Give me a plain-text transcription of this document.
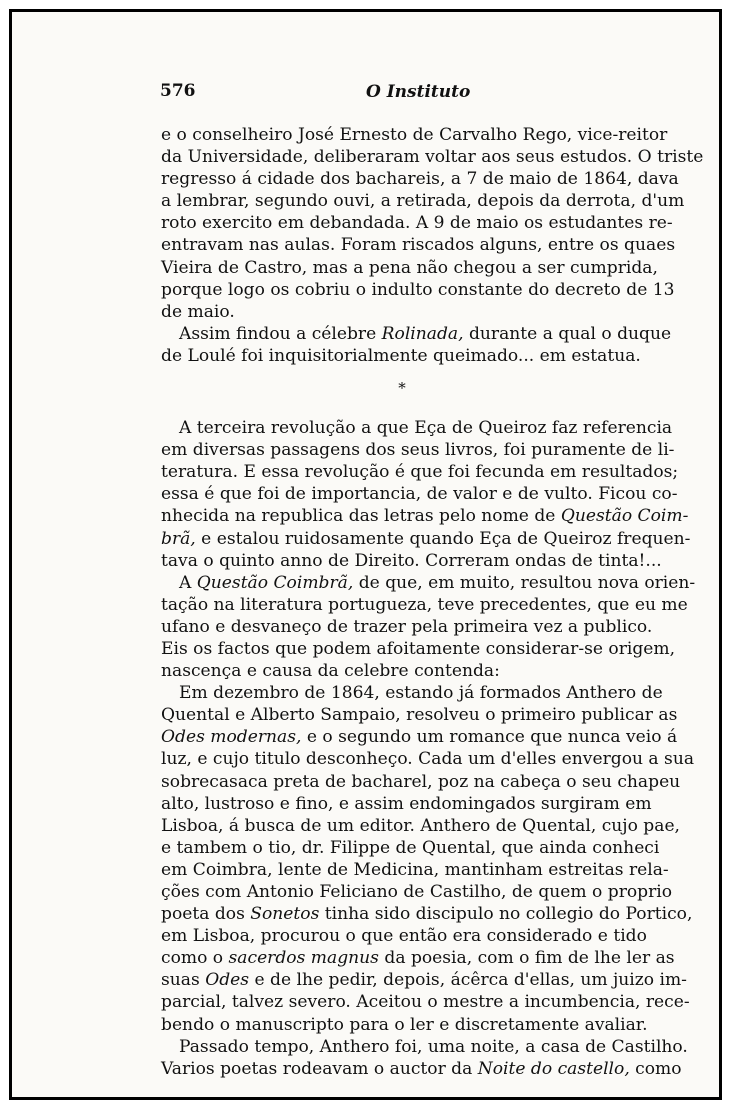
576	O Instituto
e o conselheiro José Ernesto de Carvalho Rego, vice-reitor
da Universidade, deliberaram voltar aos seus estudos. O triste
regresso á cidade dos bachareis, a 7 de maio de 1864, dava
a lembrar, segundo ouvi, a retirada, depois da derrota, d'um
roto exercito em debandada. A 9 de maio os estudantes re-
entravam nas aulas. Foram riscados alguns, entre os quaes
Vieira de Castro, mas a pena não chegou a ser cumprida,
porque logo os cobriu o indulto constante do decreto de 13
de maio.
Assim findou a célebre Rolinada, durante a qual o duque
de Loulé foi inquisitorialmente queimado... em estatua.
*
A terceira revolução a que Eça de Queiroz faz referencia
em diversas passagens dos seus livros, foi puramente de li-
teratura. E essa revolução é que foi fecunda em resultados;
essa é que foi de importancia, de valor e de vulto. Ficou co-
nhecida na republica das letras pelo nome de Questão Coim-
brã, e estalou ruidosamente quando Eça de Queiroz frequen-
tava o quinto anno de Direito. Correram ondas de tinta!...
A Questão Coimbrã, de que, em muito, resultou nova orien-
tação na literatura portugueza, teve precedentes, que eu me
ufano e desvaneço de trazer pela primeira vez a publico.
Eis os factos que podem afoitamente considerar-se origem,
nascença e causa da celebre contenda:
Em dezembro de 1864, estando já formados Anthero de
Quental e Alberto Sampaio, resolveu o primeiro publicar as
Odes modernas, e o segundo um romance que nunca veio á
luz, e cujo titulo desconheço. Cada um d'elles envergou a sua
sobrecasaca preta de bacharel, poz na cabeça o seu chapeu
alto, lustroso e fino, e assim endomingados surgiram em
Lisboa, á busca de um editor. Anthero de Quental, cujo pae,
e tambem o tio, dr. Filippe de Quental, que ainda conheci
em Coimbra, lente de Medicina, mantinham estreitas rela-
ções com Antonio Feliciano de Castilho, de quem o proprio
poeta dos Sonetos tinha sido discipulo no collegio do Portico,
em Lisboa, procurou o que então era considerado e tido
como o sacerdos magnus da poesia, com o fim de lhe ler as
suas Odes e de lhe pedir, depois, ácêrca d'ellas, um juizo im-
parcial, talvez severo. Aceitou o mestre a incumbencia, rece-
bendo o manuscripto para o ler e discretamente avaliar.
Passado tempo, Anthero foi, uma noite, a casa de Castilho.
Varios poetas rodeavam o auctor da Noite do castello, como
